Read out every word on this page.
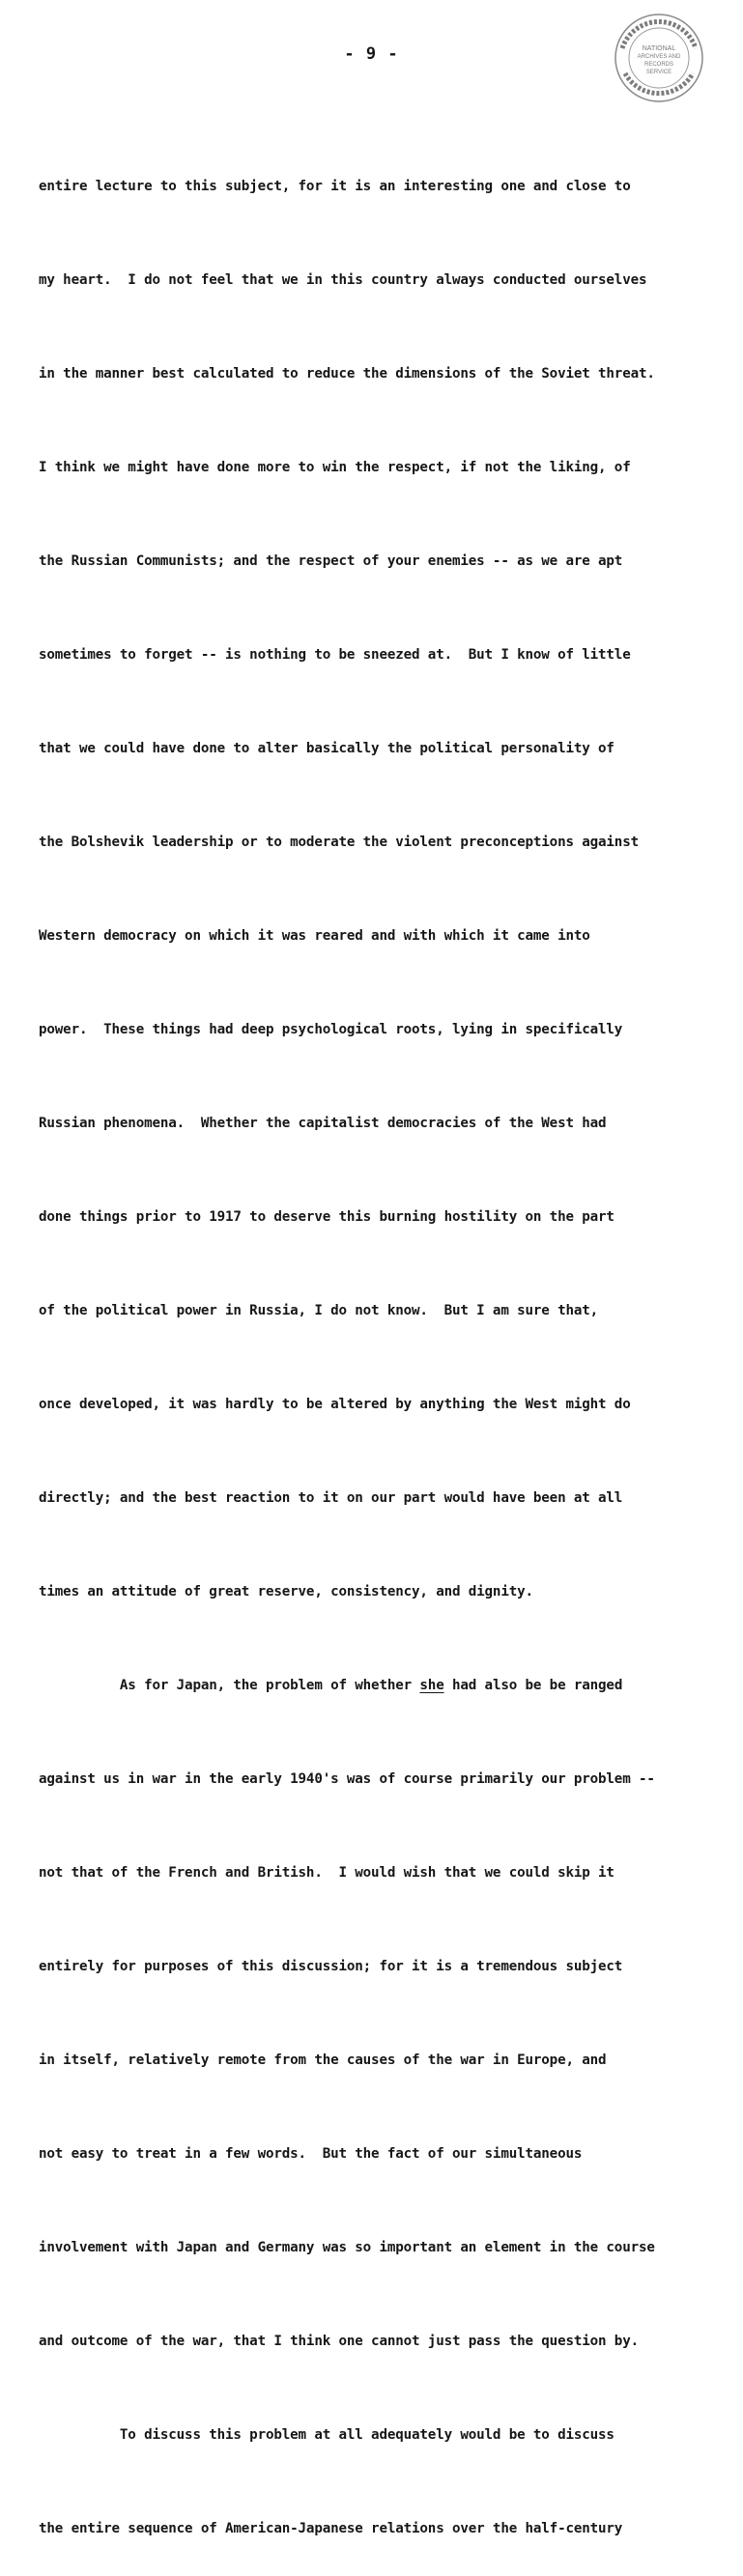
- 9 -	NATIONAL
ARCHIVES AND
RECORDS
SERVICE

entire lecture to this subject, for it is an interesting one and close to

my heart.  I do not feel that we in this country always conducted ourselves

in the manner best calculated to reduce the dimensions of the Soviet threat.

I think we might have done more to win the respect, if not the liking, of

the Russian Communists; and the respect of your enemies -- as we are apt

sometimes to forget -- is nothing to be sneezed at.  But I know of little

that we could have done to alter basically the political personality of

the Bolshevik leadership or to moderate the violent preconceptions against

Western democracy on which it was reared and with which it came into

power.  These things had deep psychological roots, lying in specifically

Russian phenomena.  Whether the capitalist democracies of the West had

done things prior to 1917 to deserve this burning hostility on the part

of the political power in Russia, I do not know.  But I am sure that,

once developed, it was hardly to be altered by anything the West might do

directly; and the best reaction to it on our part would have been at all

times an attitude of great reserve, consistency, and dignity.

As for Japan, the problem of whether she had also be be ranged

against us in war in the early 1940's was of course primarily our problem --

not that of the French and British.  I would wish that we could skip it

entirely for purposes of this discussion; for it is a tremendous subject

in itself, relatively remote from the causes of the war in Europe, and

not easy to treat in a few words.  But the fact of our simultaneous

involvement with Japan and Germany was so important an element in the course

and outcome of the war, that I think one cannot just pass the question by.

To discuss this problem at all adequately would be to discuss

the entire sequence of American-Japanese relations over the half-century
